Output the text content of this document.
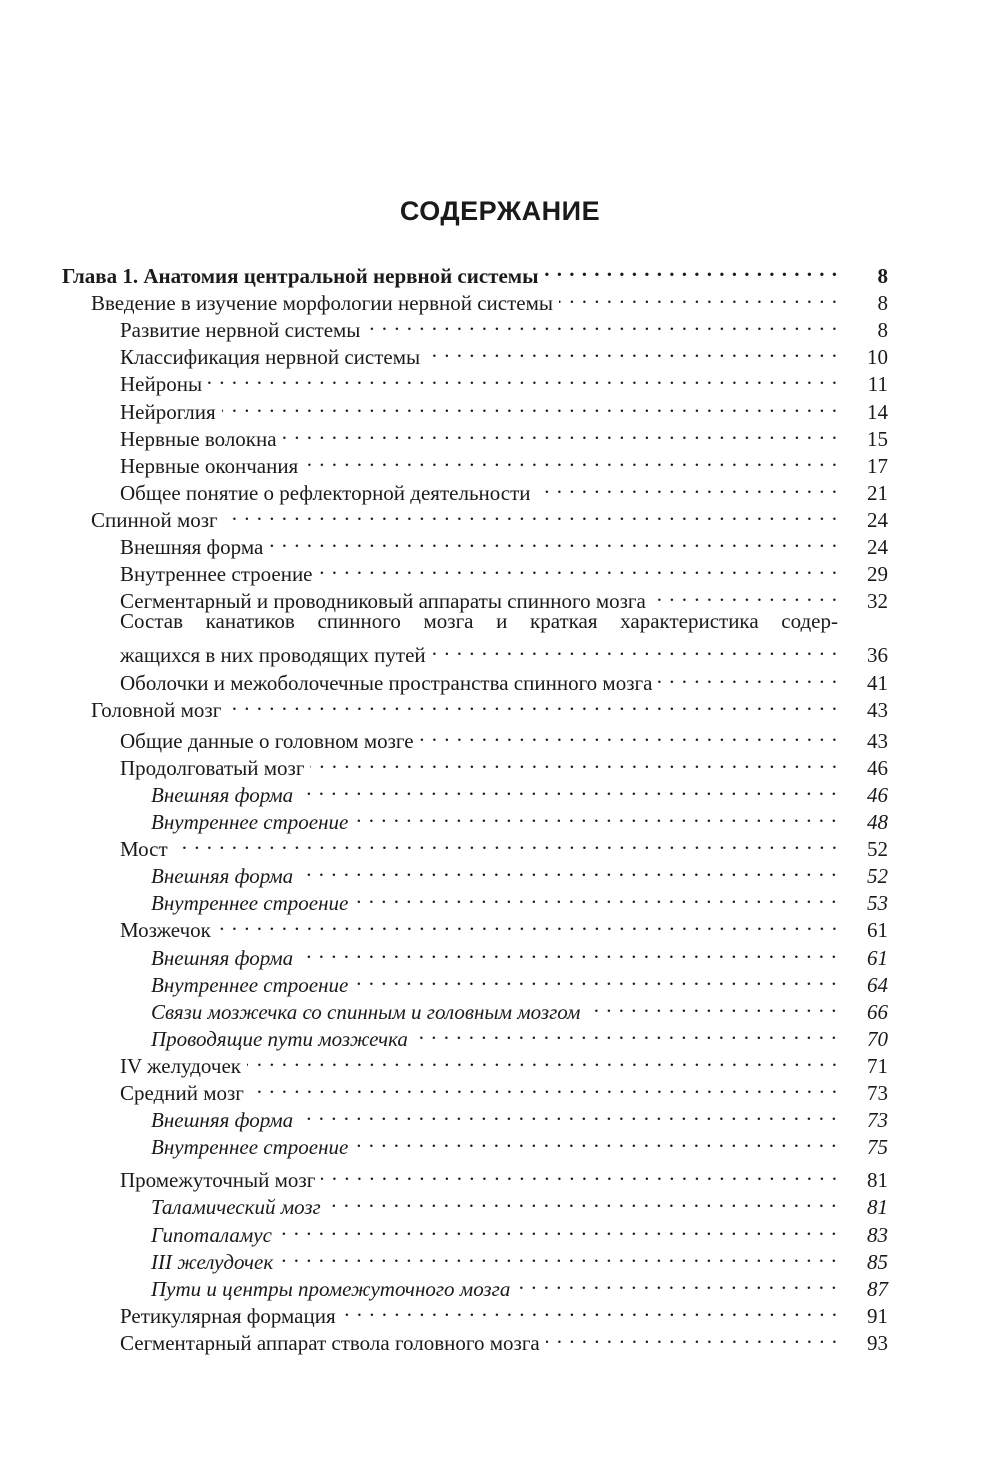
СОДЕРЖАНИЕ
Глава 1. Анатомия центральной нервной системы . . .	8
Введение в изучение морфологии нервной системы . . .	8
Развитие нервной системы . . .	8
Классификация нервной системы . . .	10
Нейроны . . .	11
Нейроглия . . .	14
Нервные волокна . . .	15
Нервные окончания . . .	17
Общее понятие о рефлекторной деятельности . . .	21
Спинной мозг . . .	24
Внешняя форма . . .	24
Внутреннее строение . . .	29
Сегментарный и проводниковый аппараты спинного мозга . . .	32
Состав канатиков спинного мозга и краткая характеристика содер-
жащихся в них проводящих путей . . .	36
Оболочки и межоболочечные пространства спинного мозга . . .	41
Головной мозг . . .	43
Общие данные о головном мозге . . .	43
Продолговатый мозг . . .	46
Внешняя форма . . .	46
Внутреннее строение . . .	48
Мост . . .	52
Внешняя форма . . .	52
Внутреннее строение . . .	53
Мозжечок . . .	61
Внешняя форма . . .	61
Внутреннее строение . . .	64
Связи мозжечка со спинным и головным мозгом . . .	66
Проводящие пути мозжечка . . .	70
IV желудочек . . .	71
Средний мозг . . .	73
Внешняя форма . . .	73
Внутреннее строение . . .	75
Промежуточный мозг . . .	81
Таламический мозг . . .	81
Гипоталамус . . .	83
III желудочек . . .	85
Пути и центры промежуточного мозга . . .	87
Ретикулярная формация . . .	91
Сегментарный аппарат ствола головного мозга . . .	93
